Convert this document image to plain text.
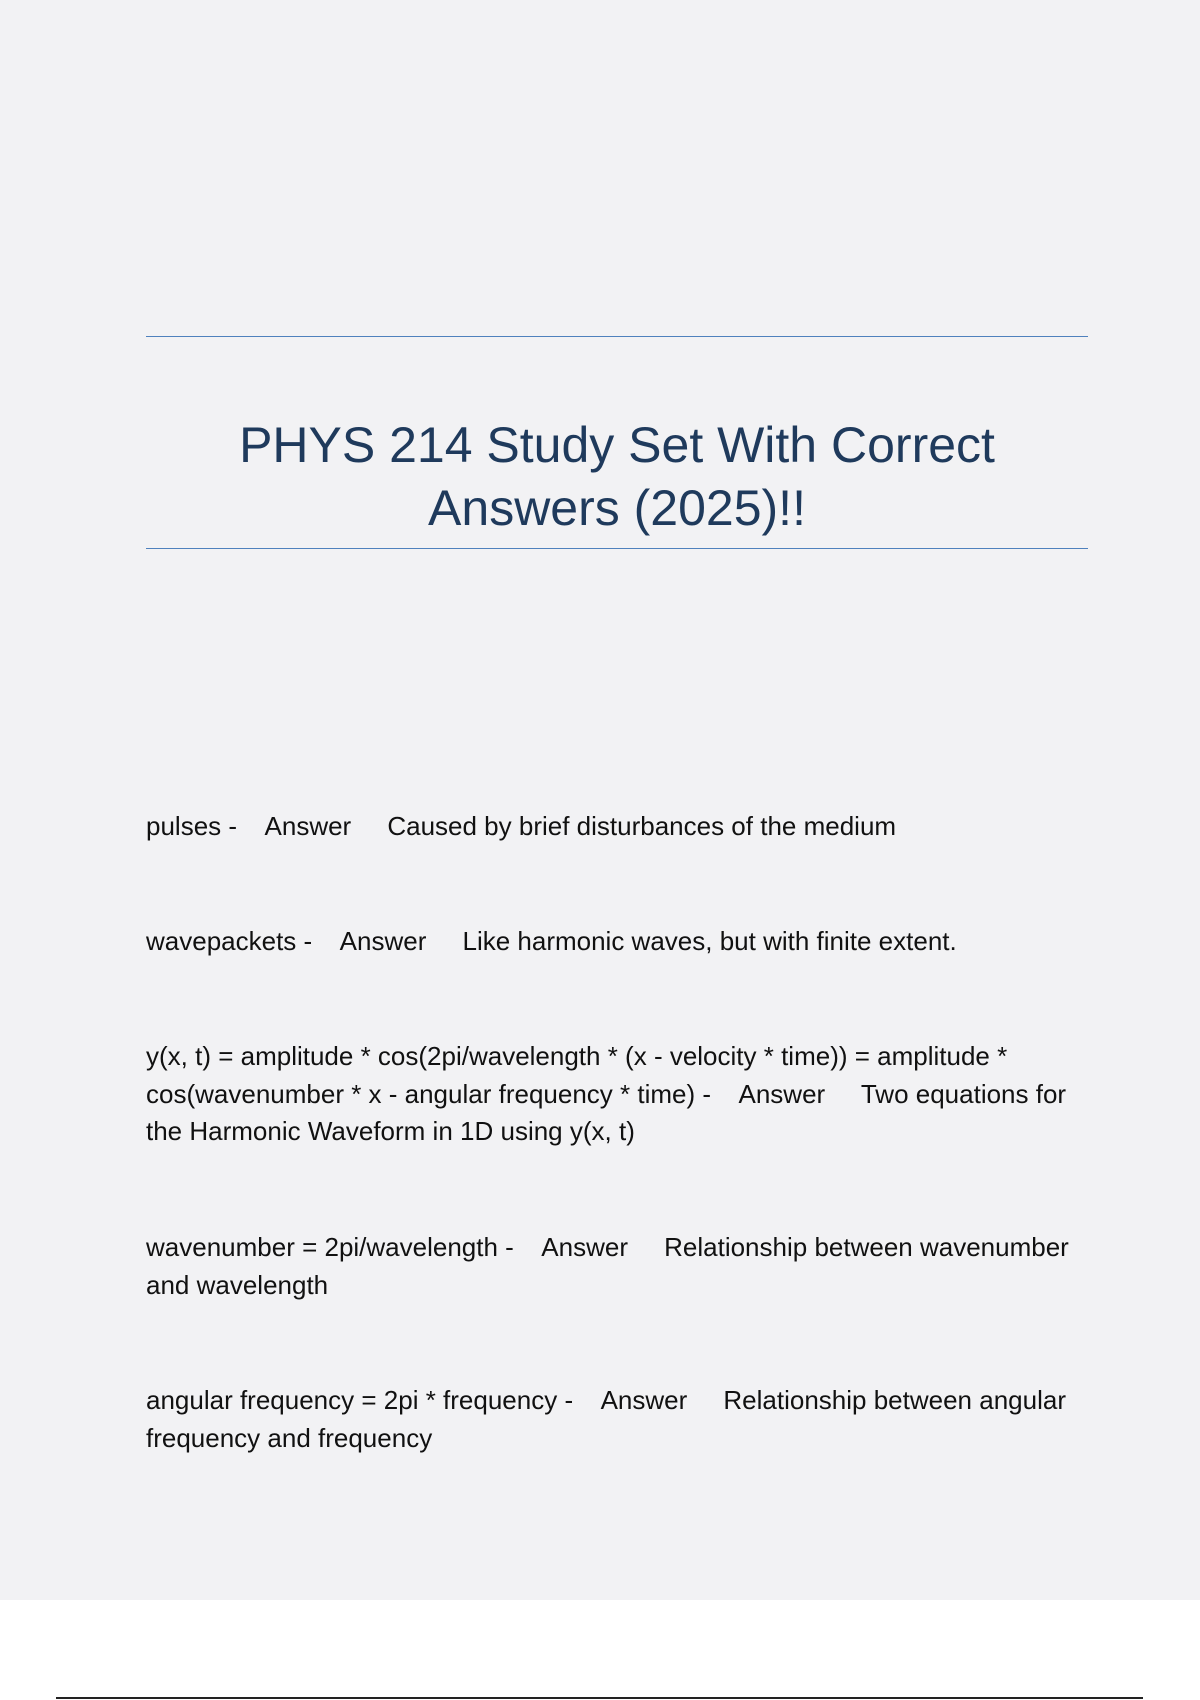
PHYS 214 Study Set With Correct Answers (2025)!!

pulses - Answer Caused by brief disturbances of the medium

wavepackets - Answer Like harmonic waves, but with finite extent.

y(x, t) = amplitude * cos(2pi/wavelength * (x - velocity * time)) = amplitude * cos(wavenumber * x - angular frequency * time) - Answer Two equations for the Harmonic Waveform in 1D using y(x, t)

wavenumber = 2pi/wavelength - Answer Relationship between wavenumber and wavelength

angular frequency = 2pi * frequency - Answer Relationship between angular frequency and frequency
